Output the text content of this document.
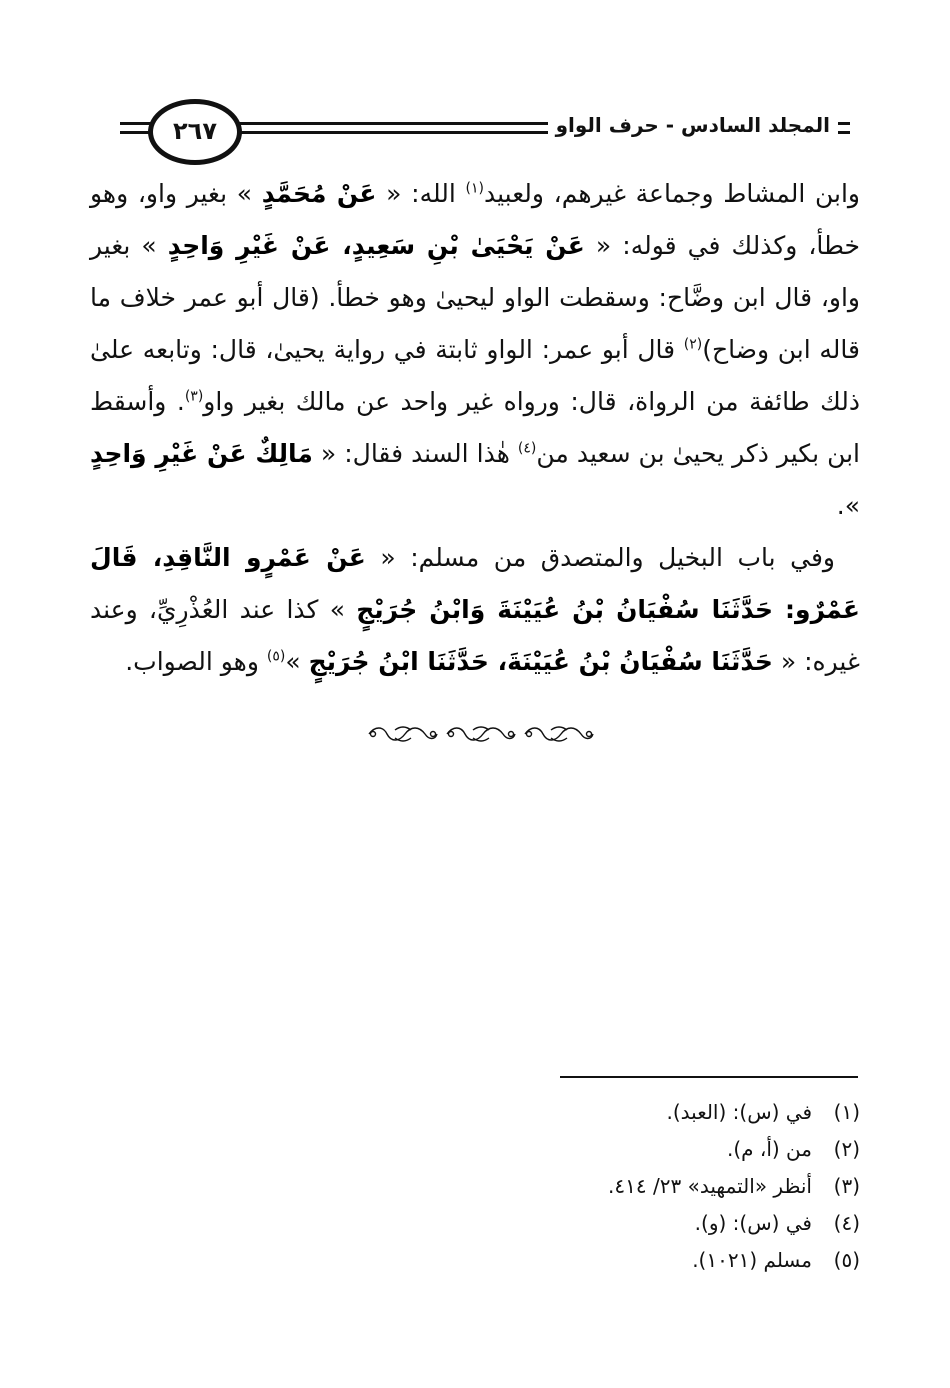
المجلد السادس - حرف الواو
٢٦٧

وابن المشاط وجماعة غيرهم، ولعبيد$^{(١)}$ الله: « عَنْ مُحَمَّدٍ » بغير واو، وهو خطأ، وكذلك في قوله: « عَنْ يَحْيَىٰ بْنِ سَعِيدٍ، عَنْ غَيْرِ وَاحِدٍ » بغير واو، قال ابن وضَّاح: وسقطت الواو ليحيىٰ وهو خطأ. (قال أبو عمر خلاف ما قاله ابن وضاح)$^{(٢)}$ قال أبو عمر: الواو ثابتة في رواية يحيىٰ، قال: وتابعه علىٰ ذلك طائفة من الرواة، قال: ورواه غير واحد عن مالك بغير واو$^{(٣)}$. وأسقط ابن بكير ذكر يحيىٰ بن سعيد من$^{(٤)}$ هٰذا السند فقال: « مَالِكٌ عَنْ غَيْرِ وَاحِدٍ ».

وفي باب البخيل والمتصدق من مسلم: « عَنْ عَمْرٍو النَّاقِدِ، قَالَ عَمْرٌو: حَدَّثَنَا سُفْيَانُ بْنُ عُيَيْنَةَ وَابْنُ جُرَيْجٍ » كذا عند العُذْرِيِّ، وعند غيره: « حَدَّثَنَا سُفْيَانُ بْنُ عُيَيْنَةَ، حَدَّثَنَا ابْنُ جُرَيْجٍ »$^{(٥)}$ وهو الصواب.

(١)في (س): (العبد).
(٢)من (أ، م).
(٣)أنظر «التمهيد» ٢٣/ ٤١٤.
(٤)في (س): (و).
(٥)مسلم (١٠٢١).
